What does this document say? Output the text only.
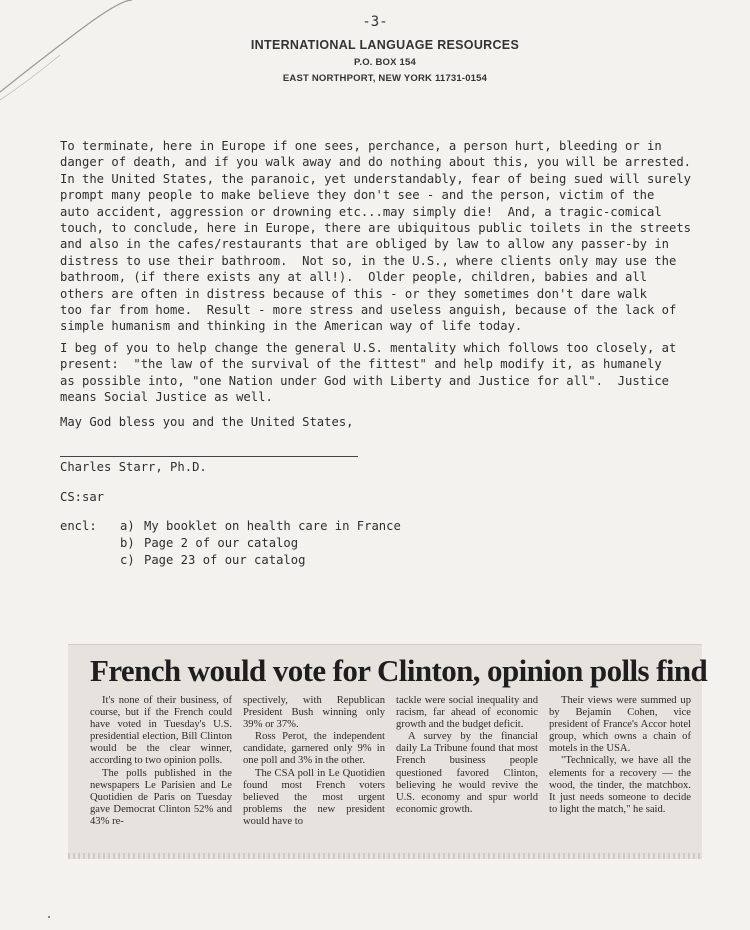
-3-
INTERNATIONAL LANGUAGE RESOURCES
P.O. BOX 154
EAST NORTHPORT, NEW YORK 11731-0154

To terminate, here in Europe if one sees, perchance, a person hurt, bleeding or in

danger of death, and if you walk away and do nothing about this, you will be arrested.

In the United States, the paranoic, yet understandably, fear of being sued will surely

prompt many people to make believe they don't see - and the person, victim of the

auto accident, aggression or drowning etc...may simply die!  And, a tragic-comical

touch, to conclude, here in Europe, there are ubiquitous public toilets in the streets

and also in the cafes/restaurants that are obliged by law to allow any passer-by in

distress to use their bathroom.  Not so, in the U.S., where clients only may use the

bathroom, (if there exists any at all!).  Older people, children, babies and all

others are often in distress because of this - or they sometimes don't dare walk

too far from home.  Result - more stress and useless anguish, because of the lack of

simple humanism and thinking in the American way of life today.

I beg of you to help change the general U.S. mentality which follows too closely, at

present:  "the law of the survival of the fittest" and help modify it, as humanely

as possible into, "one Nation under God with Liberty and Justice for all".  Justice

means Social Justice as well.

May God bless you and the United States,
Charles Starr, Ph.D.
CS:sar
encl:	a) My booklet on health care in France
b) Page 2 of our catalog
c) Page 23 of our catalog
French would vote for Clinton, opinion polls find

It's none of their business, of course, but if the French could have voted in Tuesday's U.S. presidential election, Bill Clinton would be the clear winner, according to two opinion polls.

The polls published in the newspapers Le Parisien and Le Quotidien de Paris on Tuesday gave Democrat Clinton 52% and 43% re-

spectively, with Republican President Bush winning only 39% or 37%.

Ross Perot, the independent candidate, garnered only 9% in one poll and 3% in the other.

The CSA poll in Le Quotidien found most French voters believed the most urgent problems the new president would have to

tackle were social inequality and racism, far ahead of economic growth and the budget deficit.

A survey by the financial daily La Tribune found that most French business people questioned favored Clinton, believing he would revive the U.S. economy and spur world economic growth.

Their views were summed up by Bejamin Cohen, vice president of France's Accor hotel group, which owns a chain of motels in the USA.

"Technically, we have all the elements for a recovery — the wood, the tinder, the matchbox. It just needs someone to decide to light the match," he said.
